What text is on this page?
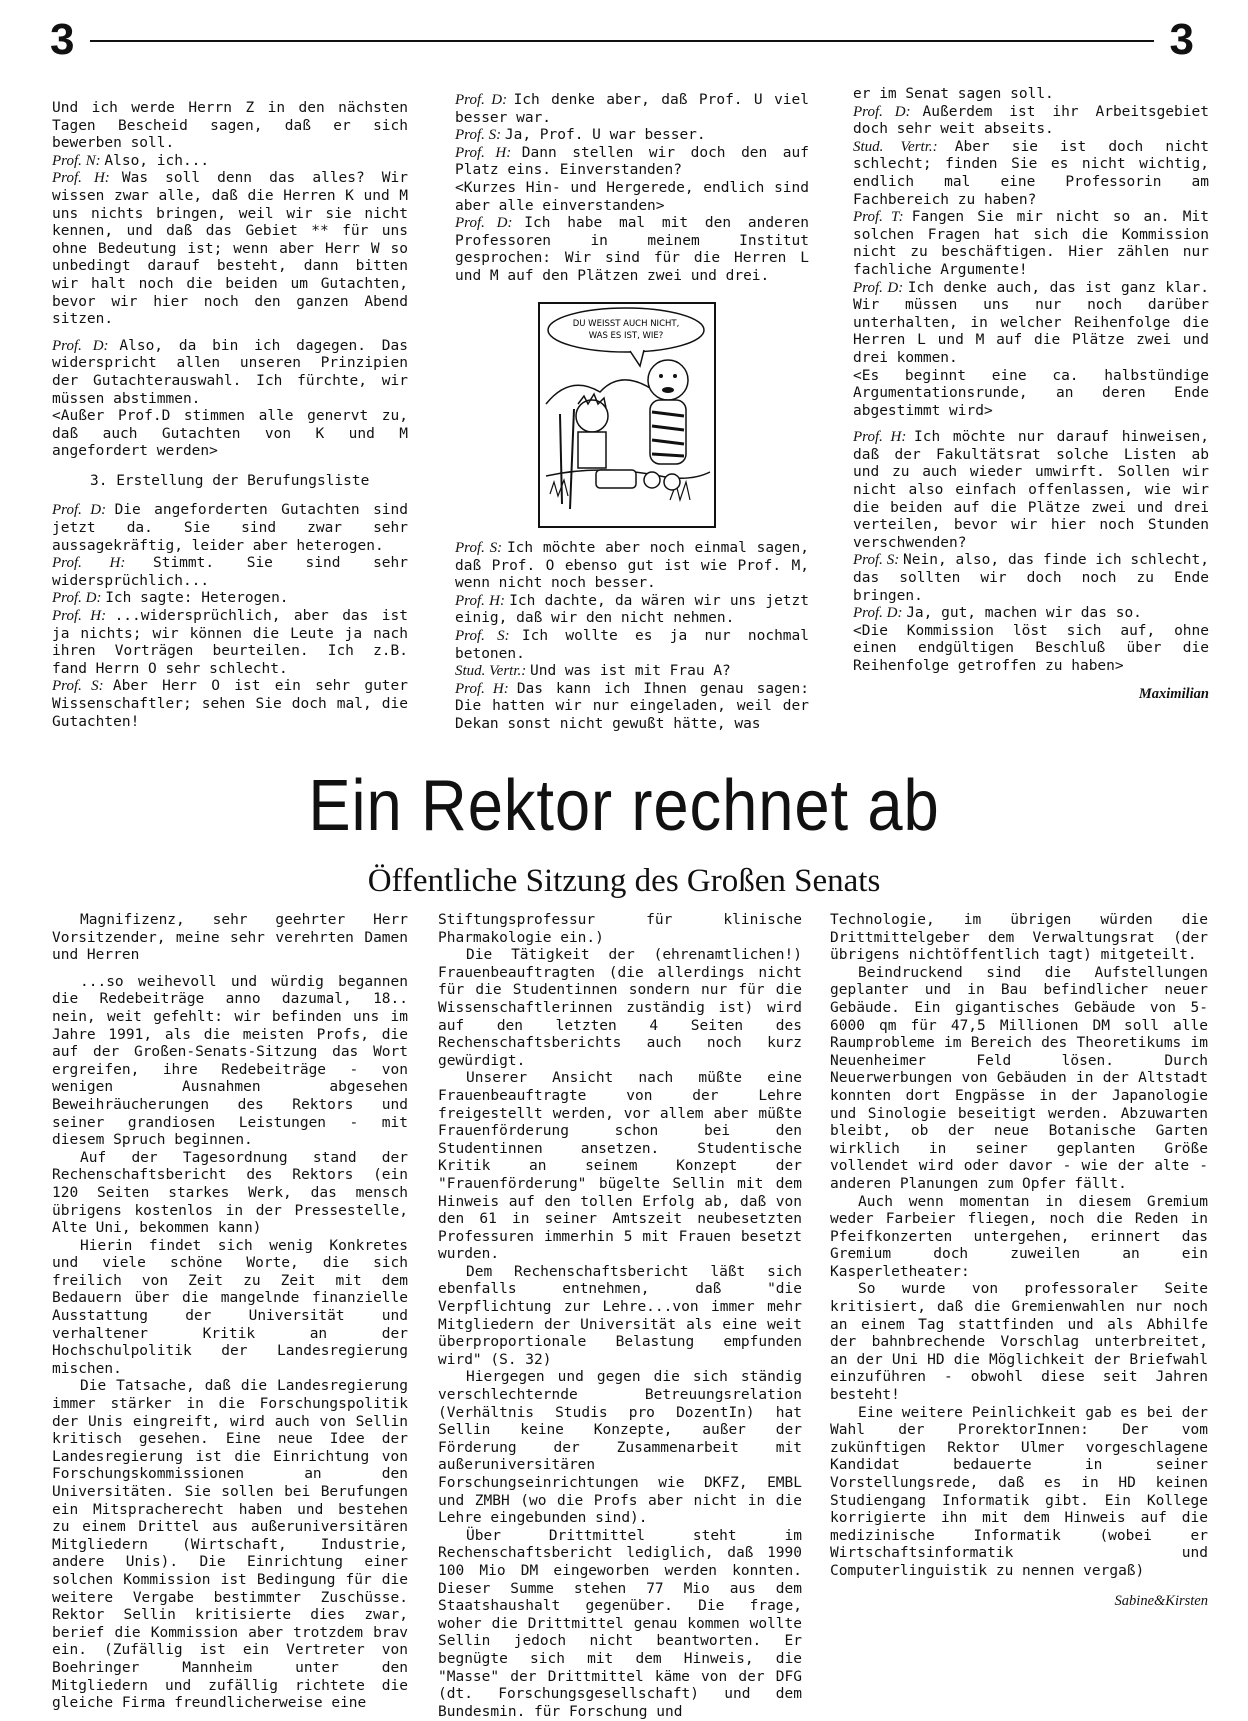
3	3

Und ich werde Herrn Z in den nächsten Tagen Bescheid sagen, daß er sich bewerben soll.

Prof. N: Also, ich...

Prof. H: Was soll denn das alles? Wir wissen zwar alle, daß die Herren K und M uns nichts bringen, weil wir sie nicht kennen, und daß das Gebiet ** für uns ohne Bedeutung ist; wenn aber Herr W so unbedingt darauf besteht, dann bitten wir halt noch die beiden um Gutachten, bevor wir hier noch den ganzen Abend sitzen.

Prof. D: Also, da bin ich dagegen. Das widerspricht allen unseren Prinzipien der Gutachterauswahl. Ich fürchte, wir müssen abstimmen.

<Außer Prof.D stimmen alle genervt zu, daß auch Gutachten von K und M angefordert werden>

3. Erstellung der Berufungsliste

Prof. D: Die angeforderten Gutachten sind jetzt da. Sie sind zwar sehr aussagekräftig, leider aber heterogen.

Prof. H: Stimmt. Sie sind sehr widersprüchlich...

Prof. D: Ich sagte: Heterogen.

Prof. H: ...widersprüchlich, aber das ist ja nichts; wir können die Leute ja nach ihren Vorträgen beurteilen. Ich z.B. fand Herrn O sehr schlecht.

Prof. S: Aber Herr O ist ein sehr guter Wissenschaftler; sehen Sie doch mal, die Gutachten!

Prof. D: Ich denke aber, daß Prof. U viel besser war.

Prof. S: Ja, Prof. U war besser.

Prof. H: Dann stellen wir doch den auf Platz eins. Einverstanden?

<Kurzes Hin- und Hergerede, endlich sind aber alle einverstanden>

Prof. D: Ich habe mal mit den anderen Professoren in meinem Institut gesprochen: Wir sind für die Herren L und M auf den Plätzen zwei und drei.

DU WEISST AUCH NICHT,
WAS ES IST, WIE?

Prof. S: Ich möchte aber noch einmal sagen, daß Prof. O ebenso gut ist wie Prof. M, wenn nicht noch besser.

Prof. H: Ich dachte, da wären wir uns jetzt einig, daß wir den nicht nehmen.

Prof. S: Ich wollte es ja nur nochmal betonen.

Stud. Vertr.: Und was ist mit Frau A?

Prof. H: Das kann ich Ihnen genau sagen: Die hatten wir nur eingeladen, weil der Dekan sonst nicht gewußt hätte, was

er im Senat sagen soll.

Prof. D: Außerdem ist ihr Arbeitsgebiet doch sehr weit abseits.

Stud. Vertr.: Aber sie ist doch nicht schlecht; finden Sie es nicht wichtig, endlich mal eine Professorin am Fachbereich zu haben?

Prof. T: Fangen Sie mir nicht so an. Mit solchen Fragen hat sich die Kommission nicht zu beschäftigen. Hier zählen nur fachliche Argumente!

Prof. D: Ich denke auch, das ist ganz klar. Wir müssen uns nur noch darüber unterhalten, in welcher Reihenfolge die Herren L und M auf die Plätze zwei und drei kommen.

<Es beginnt eine ca. halbstündige Argumentationsrunde, an deren Ende abgestimmt wird>

Prof. H: Ich möchte nur darauf hinweisen, daß der Fakultätsrat solche Listen ab und zu auch wieder umwirft. Sollen wir nicht also einfach offenlassen, wie wir die beiden auf die Plätze zwei und drei verteilen, bevor wir hier noch Stunden verschwenden?

Prof. S: Nein, also, das finde ich schlecht, das sollten wir doch noch zu Ende bringen.

Prof. D: Ja, gut, machen wir das so.

<Die Kommission löst sich auf, ohne einen endgültigen Beschluß über die Reihenfolge getroffen zu haben>

Maximilian

Ein Rektor rechnet ab
Öffentliche Sitzung des Großen Senats

Magnifizenz, sehr geehrter Herr Vorsitzender, meine sehr verehrten Damen und Herren

...so weihevoll und würdig begannen die Redebeiträge anno dazumal, 18.. nein, weit gefehlt: wir befinden uns im Jahre 1991, als die meisten Profs, die auf der Großen-Senats-Sitzung das Wort ergreifen, ihre Redebeiträge - von wenigen Ausnahmen abgesehen Beweihräucherungen des Rektors und seiner grandiosen Leistungen - mit diesem Spruch beginnen.

Auf der Tagesordnung stand der Rechenschaftsbericht des Rektors (ein 120 Seiten starkes Werk, das mensch übrigens kostenlos in der Pressestelle, Alte Uni, bekommen kann)

Hierin findet sich wenig Konkretes und viele schöne Worte, die sich freilich von Zeit zu Zeit mit dem Bedauern über die mangelnde finanzielle Ausstattung der Universität und verhaltener Kritik an der Hochschulpolitik der Landesregierung mischen.

Die Tatsache, daß die Landesregierung immer stärker in die Forschungspolitik der Unis eingreift, wird auch von Sellin kritisch gesehen. Eine neue Idee der Landesregierung ist die Einrichtung von Forschungskommissionen an den Universitäten. Sie sollen bei Berufungen ein Mitspracherecht haben und bestehen zu einem Drittel aus außeruniversitären Mitgliedern (Wirtschaft, Industrie, andere Unis). Die Einrichtung einer solchen Kommission ist Bedingung für die weitere Vergabe bestimmter Zuschüsse. Rektor Sellin kritisierte dies zwar, berief die Kommission aber trotzdem brav ein. (Zufällig ist ein Vertreter von Boehringer Mannheim unter den Mitgliedern und zufällig richtete die gleiche Firma freundlicherweise eine

Stiftungsprofessur für klinische Pharmakologie ein.)

Die Tätigkeit der (ehrenamtlichen!) Frauenbeauftragten (die allerdings nicht für die Studentinnen sondern nur für die Wissenschaftlerinnen zuständig ist) wird auf den letzten 4 Seiten des Rechenschaftsberichts auch noch kurz gewürdigt.

Unserer Ansicht nach müßte eine Frauenbeauftragte von der Lehre freigestellt werden, vor allem aber müßte Frauenförderung schon bei den Studentinnen ansetzen. Studentische Kritik an seinem Konzept der "Frauenförderung" bügelte Sellin mit dem Hinweis auf den tollen Erfolg ab, daß von den 61 in seiner Amtszeit neubesetzten Professuren immerhin 5 mit Frauen besetzt wurden.

Dem Rechenschaftsbericht läßt sich ebenfalls entnehmen, daß "die Verpflichtung zur Lehre...von immer mehr Mitgliedern der Universität als eine weit überproportionale Belastung empfunden wird" (S. 32)

Hiergegen und gegen die sich ständig verschlechternde Betreuungsrelation (Verhältnis Studis pro DozentIn) hat Sellin keine Konzepte, außer der Förderung der Zusammenarbeit mit außeruniversitären Forschungseinrichtungen wie DKFZ, EMBL und ZMBH (wo die Profs aber nicht in die Lehre eingebunden sind).

Über Drittmittel steht im Rechenschaftsbericht lediglich, daß 1990 100 Mio DM eingeworben werden konnten. Dieser Summe stehen 77 Mio aus dem Staatshaushalt gegenüber. Die frage, woher die Drittmittel genau kommen wollte Sellin jedoch nicht beantworten. Er begnügte sich mit dem Hinweis, die "Masse" der Drittmittel käme von der DFG (dt. Forschungsgesellschaft) und dem Bundesmin. für Forschung und

Technologie, im übrigen würden die Drittmittelgeber dem Verwaltungsrat (der übrigens nichtöffentlich tagt) mitgeteilt.

Beindruckend sind die Aufstellungen geplanter und in Bau befindlicher neuer Gebäude. Ein gigantisches Gebäude von 5-6000 qm für 47,5 Millionen DM soll alle Raumprobleme im Bereich des Theoretikums im Neuenheimer Feld lösen. Durch Neuerwerbungen von Gebäuden in der Altstadt konnten dort Engpässe in der Japanologie und Sinologie beseitigt werden. Abzuwarten bleibt, ob der neue Botanische Garten wirklich in seiner geplanten Größe vollendet wird oder davor - wie der alte - anderen Planungen zum Opfer fällt.

Auch wenn momentan in diesem Gremium weder Farbeier fliegen, noch die Reden in Pfeifkonzerten untergehen, erinnert das Gremium doch zuweilen an ein Kasperletheater:

So wurde von professoraler Seite kritisiert, daß die Gremienwahlen nur noch an einem Tag stattfinden und als Abhilfe der bahnbrechende Vorschlag unterbreitet, an der Uni HD die Möglichkeit der Briefwahl einzuführen - obwohl diese seit Jahren besteht!

Eine weitere Peinlichkeit gab es bei der Wahl der ProrektorInnen: Der vom zukünftigen Rektor Ulmer vorgeschlagene Kandidat bedauerte in seiner Vorstellungsrede, daß es in HD keinen Studiengang Informatik gibt. Ein Kollege korrigierte ihn mit dem Hinweis auf die medizinische Informatik (wobei er Wirtschaftsinformatik und Computerlinguistik zu nennen vergaß)

Sabine&Kirsten
